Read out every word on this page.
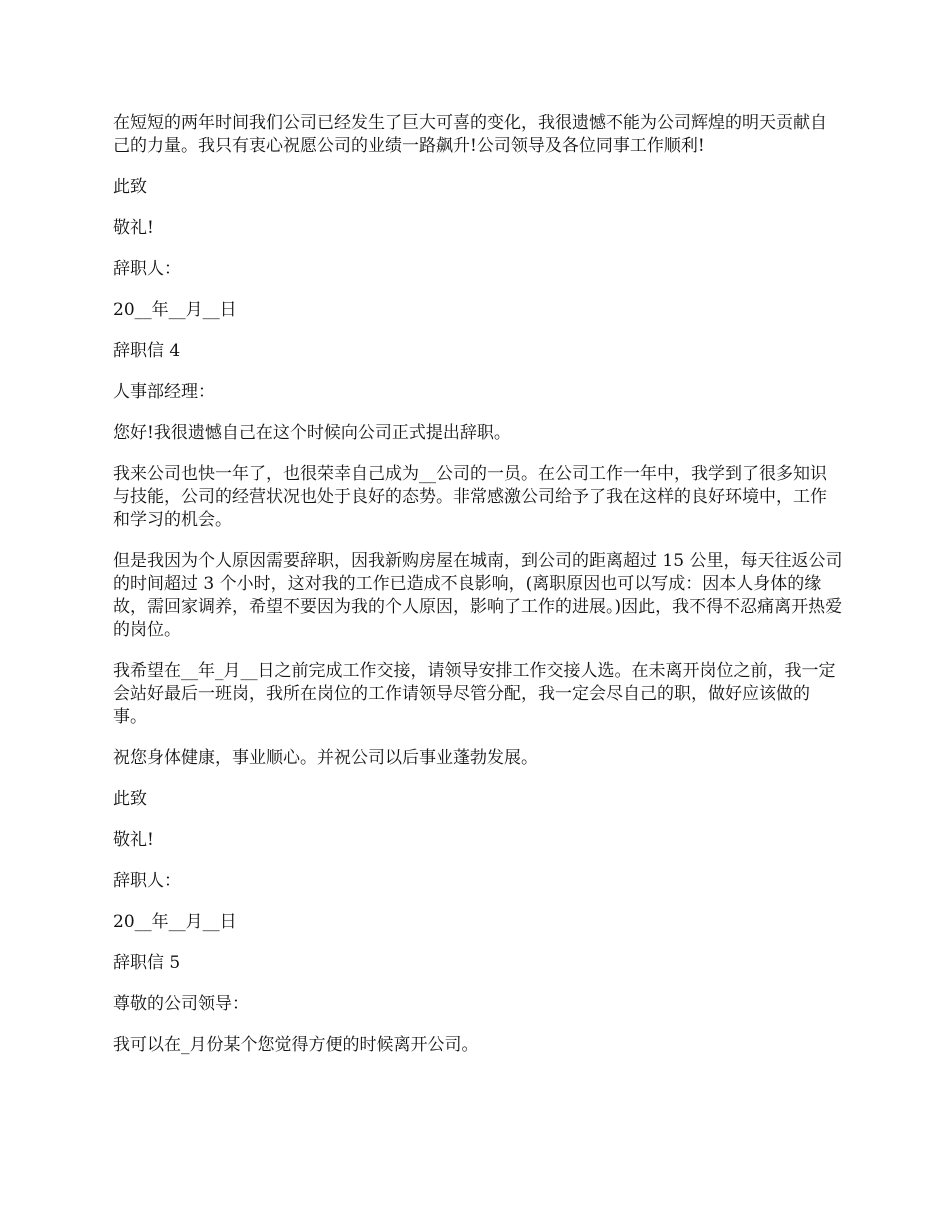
在短短的两年时间我们公司已经发生了巨大可喜的变化，我很遗憾不能为公司辉煌的明天贡献自己的力量。我只有衷心祝愿公司的业绩一路飙升!公司领导及各位同事工作顺利!

此致

敬礼!

辞职人：

20__年__月__日

辞职信 4

人事部经理：

您好!我很遗憾自己在这个时候向公司正式提出辞职。

我来公司也快一年了，也很荣幸自己成为__公司的一员。在公司工作一年中，我学到了很多知识与技能，公司的经营状况也处于良好的态势。非常感激公司给予了我在这样的良好环境中，工作和学习的机会。

但是我因为个人原因需要辞职，因我新购房屋在城南，到公司的距离超过 15 公里，每天往返公司的时间超过 3 个小时，这对我的工作已造成不良影响，(离职原因也可以写成：因本人身体的缘故，需回家调养，希望不要因为我的个人原因，影响了工作的进展。)因此，我不得不忍痛离开热爱的岗位。

我希望在__年_月__日之前完成工作交接，请领导安排工作交接人选。在未离开岗位之前，我一定会站好最后一班岗，我所在岗位的工作请领导尽管分配，我一定会尽自己的职，做好应该做的事。

祝您身体健康，事业顺心。并祝公司以后事业蓬勃发展。

此致

敬礼!

辞职人：

20__年__月__日

辞职信 5

尊敬的公司领导：

我可以在_月份某个您觉得方便的时候离开公司。
